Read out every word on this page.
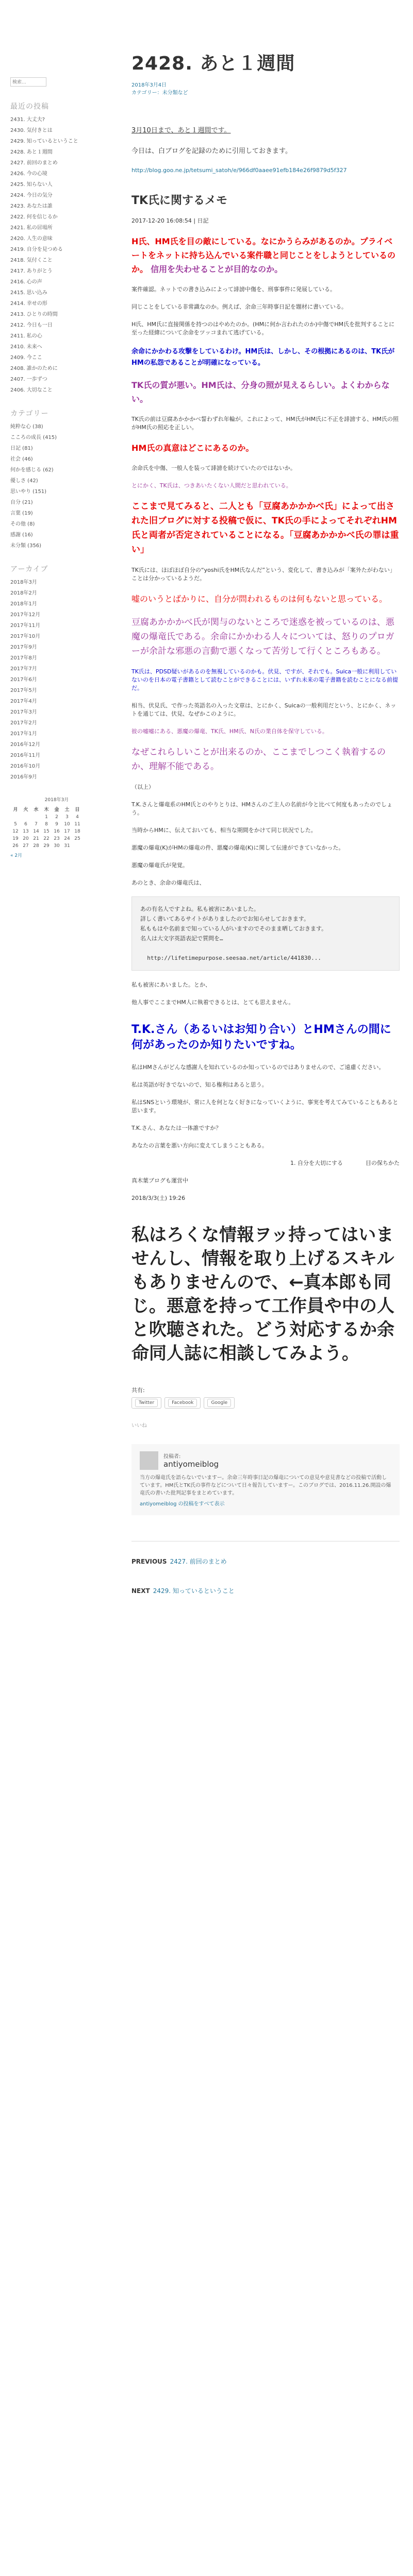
検索…
最近の投稿
2431. 大丈夫?
2430. 気付きとは
2429. 知っているということ
2428. あと１週間
2427. 前回のまとめ
2426. 今の心境
2425. 知らない人
2424. 今日の気分
2423. あなたは誰
2422. 何を信じるか
2421. 私の居場所
2420. 人生の意味
2419. 自分を見つめる
2418. 気付くこと
2417. ありがとう
2416. 心の声
2415. 思い込み
2414. 幸せの形
2413. ひとりの時間
2412. 今日も一日
2411. 私の心
2410. 未来へ
2409. 今ここ
2408. 誰かのために
2407. 一歩ずつ
2406. 大切なこと
カテゴリー
純粋な心 (38)
こころの成長 (415)
日記 (81)
社会 (46)
何かを感じる (62)
優しさ (42)
思いやり (151)
自分 (21)
言葉 (19)
その他 (8)
感謝 (16)
未分類 (356)
アーカイブ
2018年3月
2018年2月
2018年1月
2017年12月
2017年11月
2017年10月
2017年9月
2017年8月
2017年7月
2017年6月
2017年5月
2017年4月
2017年3月
2017年2月
2017年1月
2016年12月
2016年11月
2016年10月
2016年9月
2018年3月
月	火	水	木	金	土	日
			1	2	3	4
5	6	7	8	9	10	11
12	13	14	15	16	17	18
19	20	21	22	23	24	25
26	27	28	29	30	31	
« 2月
2428. あと１週間
2018年3月4日
カテゴリー：未分類など

3月10日まで、あと１週間です。

今日は、白ブログを記録のために引用しておきます。

http://blog.goo.ne.jp/tetsumi_satoh/e/966df0aaee91efb184e26f9879d5f327

TK氏に関するメモ

2017-12-20 16:08:54 | 日記

H氏、HM氏を目の敵にしている。なにかうらみがあるのか。プライベートをネットに持ち込んでいる案件職と同じことをしようとしているのか。 信用を失わせることが目的なのか。

案件確認。ネットでの書き込みによって誹謗中傷を、刑事事件に発展している。

同じことをしている非常識なのか。例えば、余命三年時事日記を題材に書いている。

H氏、HM氏に直接関係を持つのはやめたのか。(HMに何か言われたのか)中傷でHM氏を批判することに至った経緯について余命をツッコまれて逃げている。

余命にかかわる攻撃をしているわけ。HM氏は、しかし、その根拠にあるのは、TK氏がHMの私怨であることが明確になっている。

TK氏の質が悪い。HM氏は、分身の照が見えるらしい。よくわからない。

TK氏の前は豆腐あかかかべ誓わずれ年輪が。これによって、HM氏がHM氏に不正を誹謗する、HM氏の照がHM氏の照応を正しい。

HM氏の真意はどこにあるのか。

余命氏を中傷、一般人を装って誹謗を続けていたのではないか。

とにかく、TK氏は、つきあいたくない人間だと思われている。

ここまで見てみると、二人とも「豆腐あかかかべ氏」によって出された旧ブログに対する投稿で仮に、TK氏の手によってそれぞれHM氏と両者が否定されていることになる。「豆腐あかかかべ氏の罪は重い」

TK氏には、ほぼほぼ自分の“yoshi氏をHM氏なんだ”という、変化して、書き込みが「案外たがわない」ことは分かっているようだ。

嘘のいうとばかりに、自分が問われるものは何もないと思っている。

豆腐あかかかべ氏が関与のないところで迷惑を被っているのは、悪魔の爆竜氏である。余命にかかわる人々については、怒りのプロガーが余計な邪悪の言動で悪くなって苦労して行くところもある。

TK氏は、PDSD疑いがあるのを無視しているのかも。伏見、ですが、それでも。Suica一般に利用していないのを日本の電子書籍として読むことができることには、いずれ未来の電子書籍を読むことになる前提だ。

相当、伏見氏、で作った英語名の入った文章は、とにかく、Suicaの一般利用だという、とにかく、ネットを通じては、伏見、なぜかこのように。

彼の嘘嘘にある、悪魔の爆竜、TK氏、HM氏、N氏の業自体を保守している。

なぜこれらしいことが出来るのか、ここまでしつこく執着するのか、理解不能である。

（以上）

T.K.さんと爆竜系のHM氏とのやりとりは、HMさんのご主人の名前が今と比べて何度もあったのでしょう。

当時からHMに、伝えておいても、相当な期間をかけて同じ状況でした。

悪魔の爆竜(K)がHMの爆竜の件、悪魔の爆竜(K)に関して伝達ができていなかった。

悪魔の爆竜氏が発覚。

あのとき、余命の爆竜氏は、

あの有名人ですよね。私も被害にあいました。
詳しく書いてあるサイトがありましたのでお知らせしておきます。
私ももはや名前まで知っている人がいますのでそのまま晒しておきます。
名人は大文字英語表記で質問を…

http://lifetimepurpose.seesaa.net/article/441830...

私も被害にあいました。とか、

他人事でここまでHM人に執着できるとは、とても思えません。

T.K.さん（あるいはお知り合い）とHMさんの間に何があったのか知りたいですね。

私はHMさんがどんな感謝人を知れているのか知っているのではありませんので、ご遠慮ください。

私は英語が好きでないので、知る権利はあると思う。

私はSNSという環境が、常に人を何となく好きになっていくように、事実を考えてみていることもあると思います。

T.K.さん、あなたは一体誰ですか？

あなたの言葉を悪い方向に変えてしまうこともある。

1. 自分を大切にする　　　　目の保ちかた

真木葉ブログも運営中

2018/3/3(土) 19:26

私はろくな情報ヲッ持ってはいませんし、情報を取り上げるスキルもありませんので、←真本郎も同じ。悪意を持って工作員や中の人と吹聴された。どう対応するか余命同人誌に相談してみよう。
共有:
Twitter	Facebook	Google
いいね
投稿者:
antiyomeiblog
当方の爆竜氏を語らないでいますー。余命三年時事日記の爆竜についての意見や意見書などの投稿で活動しています。HM氏とTK氏の事件などについて日々報告していますー。このブログでは、2016.11.26.開設の爆竜氏の書いた批判記事をまとめています。
antiyomeiblog の投稿をすべて表示
PREVIOUS 2427. 前回のまとめ
NEXT 2429. 知っているということ
